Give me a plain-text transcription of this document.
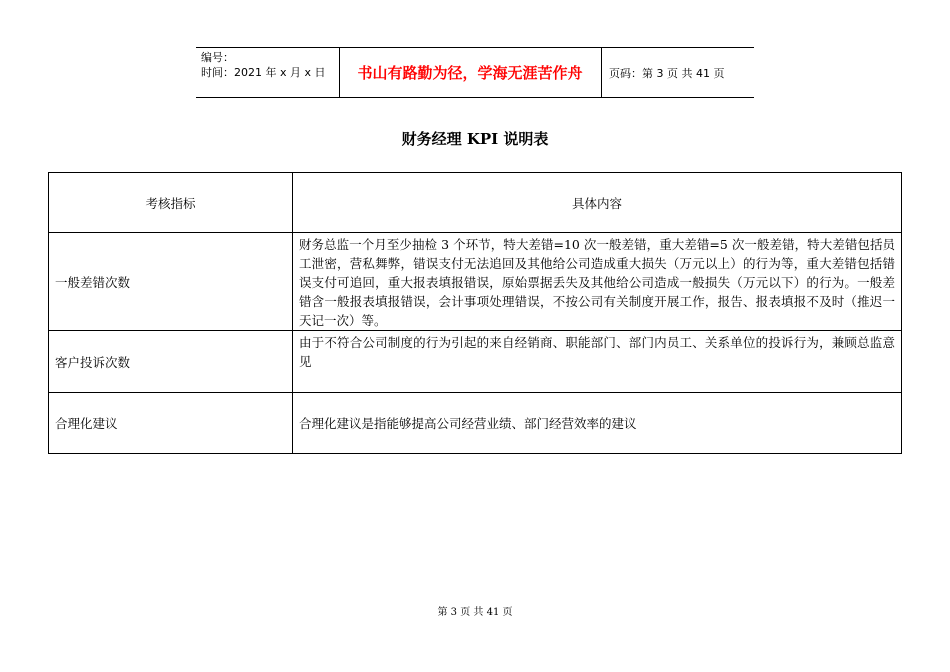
编号：
时间：2021 年 x 月 x 日	书山有路勤为径，学海无涯苦作舟	页码：第 3 页 共 41 页
财务经理 KPI 说明表
考核指标	具体内容
一般差错次数	财务总监一个月至少抽检 3 个环节，特大差错=10 次一般差错，重大差错=5 次一般差错，特大差错包括员工泄密，营私舞弊，错误支付无法追回及其他给公司造成重大损失（万元以上）的行为等，重大差错包括错误支付可追回，重大报表填报错误，原始票据丢失及其他给公司造成一般损失（万元以下）的行为。一般差错含一般报表填报错误，会计事项处理错误，不按公司有关制度开展工作，报告、报表填报不及时（推迟一天记一次）等。
客户投诉次数	由于不符合公司制度的行为引起的来自经销商、职能部门、部门内员工、关系单位的投诉行为，兼顾总监意见
合理化建议	合理化建议是指能够提高公司经营业绩、部门经营效率的建议
第 3 页 共 41 页
